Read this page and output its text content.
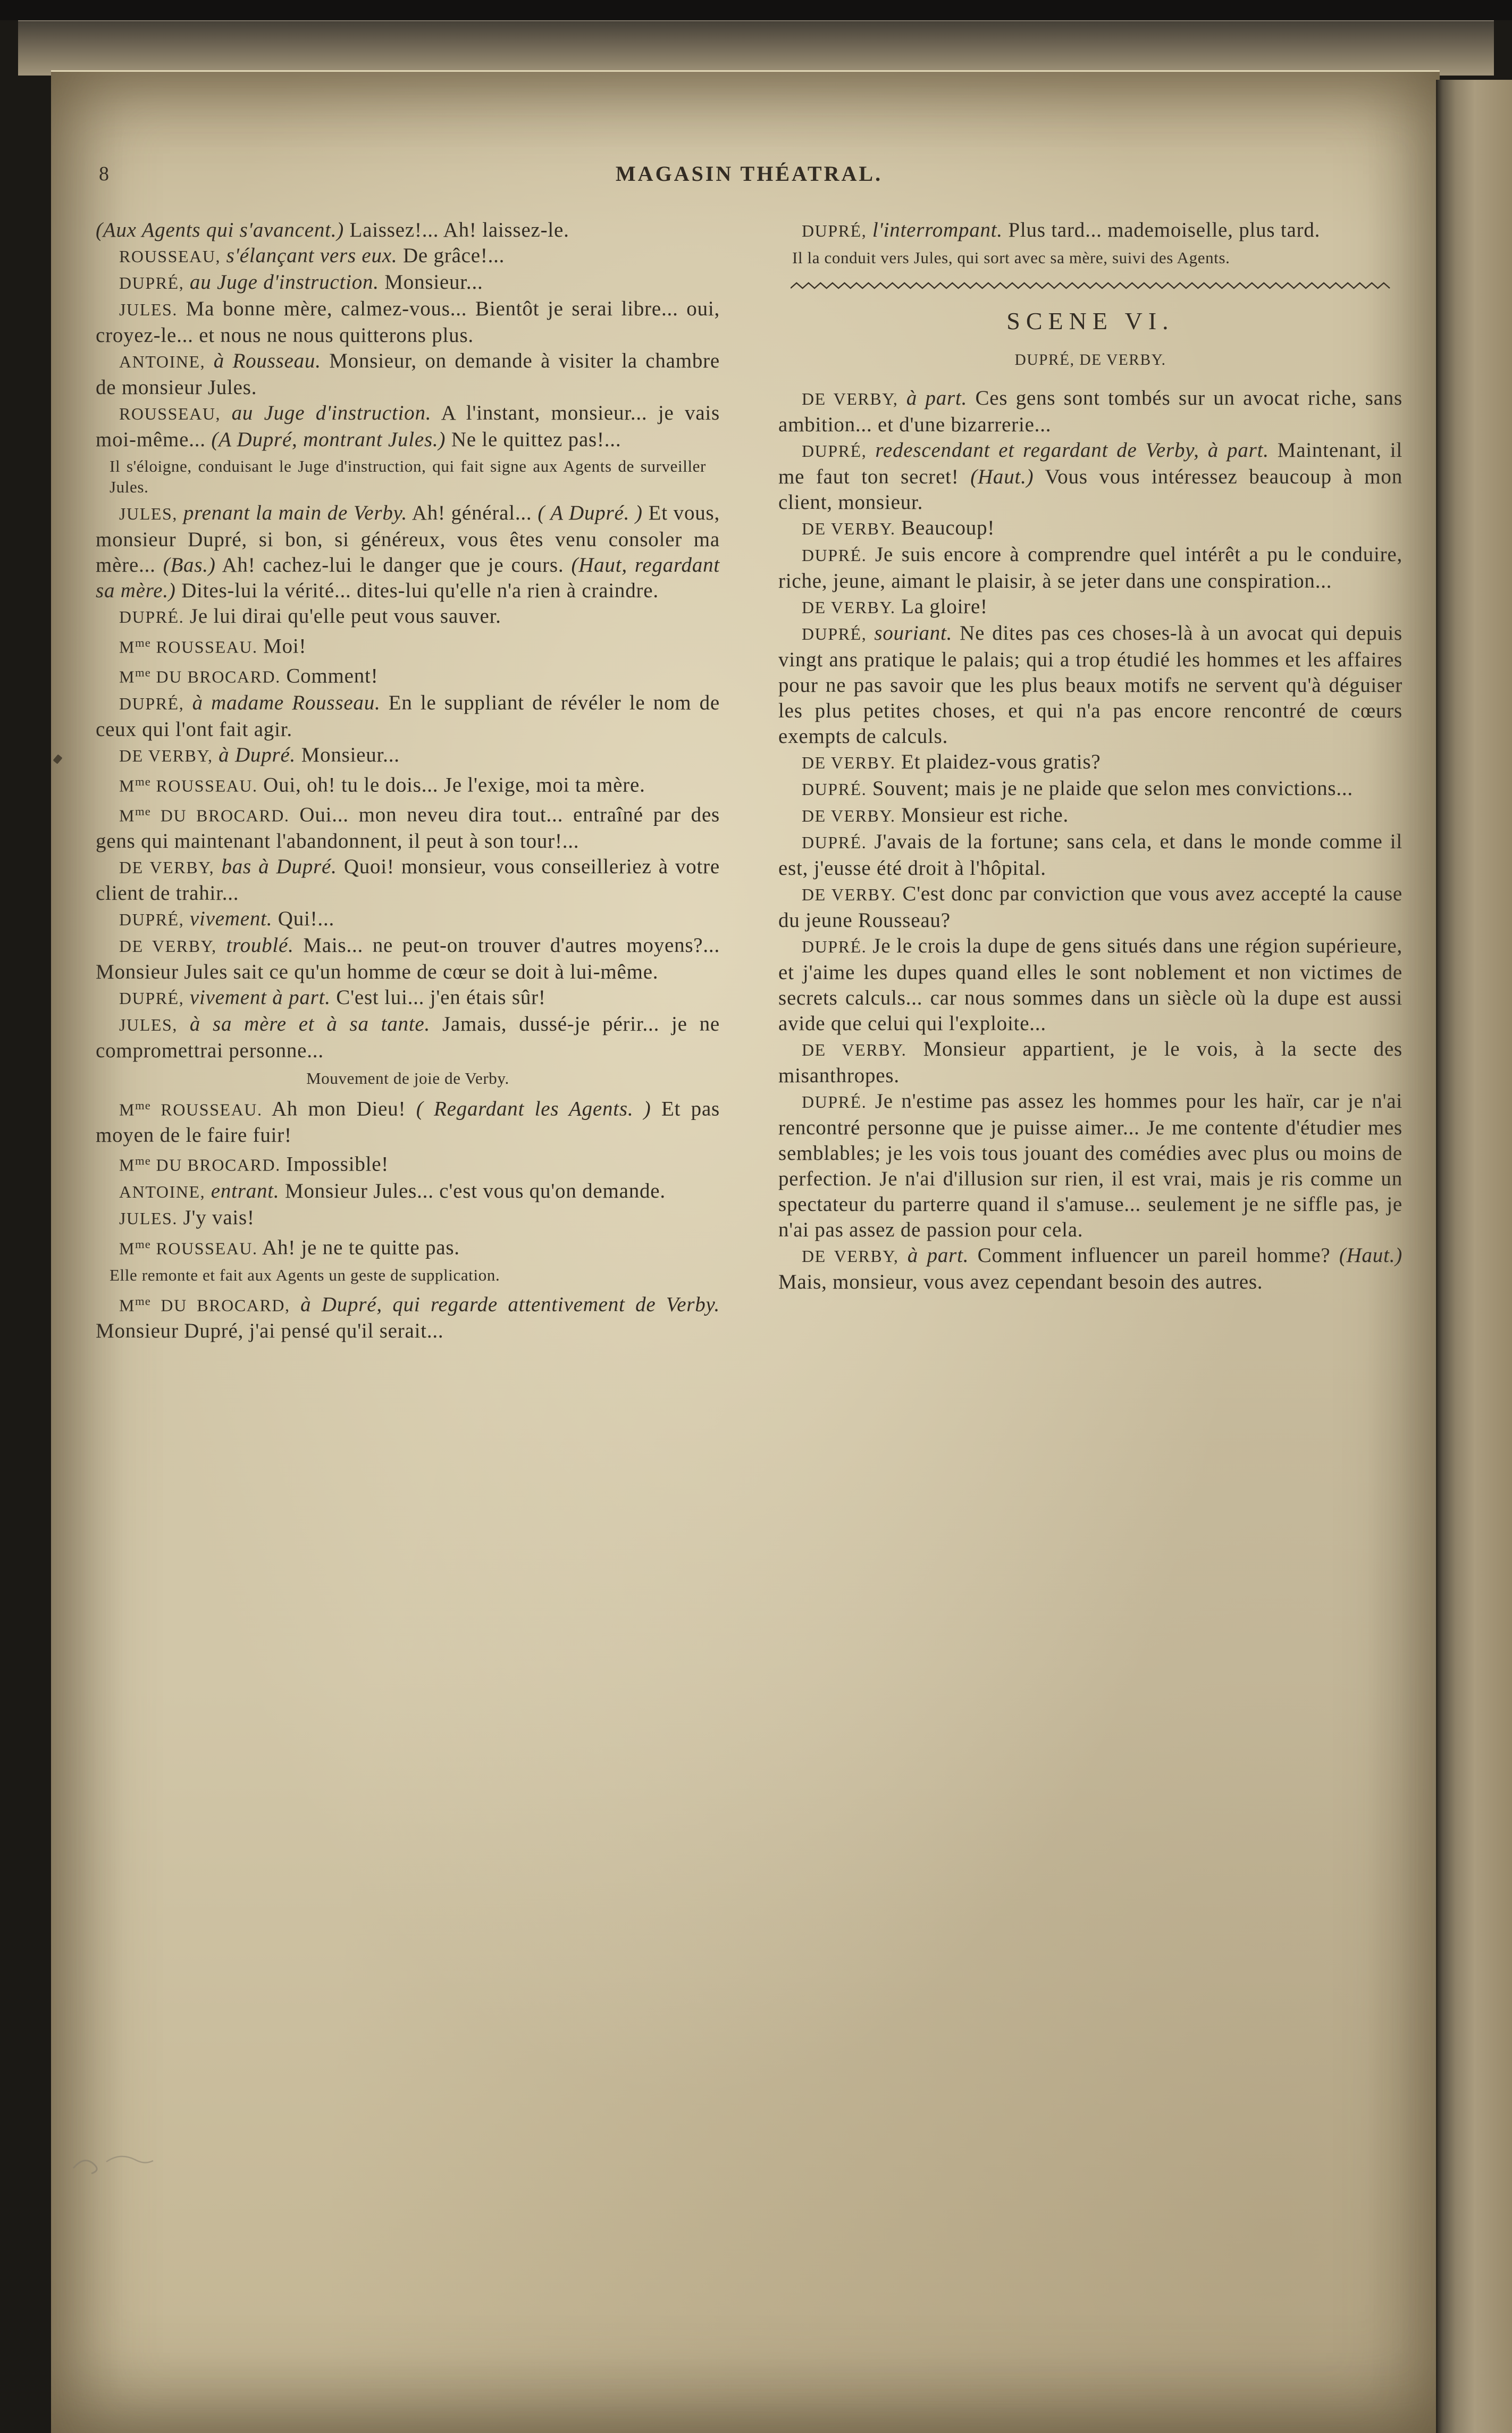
8	MAGASIN THÉATRAL.

(Aux Agents qui s'avancent.) Laissez!... Ah! laissez-le.

ROUSSEAU, s'élançant vers eux. De grâce!...

DUPRÉ, au Juge d'instruction. Monsieur...

JULES. Ma bonne mère, calmez-vous... Bientôt je serai libre... oui, croyez-le... et nous ne nous quitterons plus.

ANTOINE, à Rousseau. Monsieur, on demande à visiter la chambre de monsieur Jules.

ROUSSEAU, au Juge d'instruction. A l'instant, monsieur... je vais moi-même... (A Dupré, montrant Jules.) Ne le quittez pas!...

Il s'éloigne, conduisant le Juge d'instruction, qui fait signe aux Agents de surveiller Jules.

JULES, prenant la main de Verby. Ah! général... ( A Dupré. ) Et vous, monsieur Dupré, si bon, si généreux, vous êtes venu consoler ma mère... (Bas.) Ah! cachez-lui le danger que je cours. (Haut, regardant sa mère.) Dites-lui la vérité... dites-lui qu'elle n'a rien à craindre.

DUPRÉ. Je lui dirai qu'elle peut vous sauver.

$M^{me}$ ROUSSEAU. Moi!

$M^{me}$ DU BROCARD. Comment!

DUPRÉ, à madame Rousseau. En le suppliant de révéler le nom de ceux qui l'ont fait agir.

DE VERBY, à Dupré. Monsieur...

$M^{me}$ ROUSSEAU. Oui, oh! tu le dois... Je l'exige, moi ta mère.

$M^{me}$ DU BROCARD. Oui... mon neveu dira tout... entraîné par des gens qui maintenant l'abandonnent, il peut à son tour!...

DE VERBY, bas à Dupré. Quoi! monsieur, vous conseilleriez à votre client de trahir...

DUPRÉ, vivement. Qui!...

DE VERBY, troublé. Mais... ne peut-on trouver d'autres moyens?... Monsieur Jules sait ce qu'un homme de cœur se doit à lui-même.

DUPRÉ, vivement à part. C'est lui... j'en étais sûr!

JULES, à sa mère et à sa tante. Jamais, dussé-je périr... je ne compromettrai personne...

Mouvement de joie de Verby.

$M^{me}$ ROUSSEAU. Ah mon Dieu! ( Regardant les Agents. ) Et pas moyen de le faire fuir!

$M^{me}$ DU BROCARD. Impossible!

ANTOINE, entrant. Monsieur Jules... c'est vous qu'on demande.

JULES. J'y vais!

$M^{me}$ ROUSSEAU. Ah! je ne te quitte pas.

Elle remonte et fait aux Agents un geste de supplication.

$M^{me}$ DU BROCARD, à Dupré, qui regarde attentivement de Verby. Monsieur Dupré, j'ai pensé qu'il serait...

DUPRÉ, l'interrompant. Plus tard... mademoiselle, plus tard.

Il la conduit vers Jules, qui sort avec sa mère, suivi des Agents.

SCENE VI.

DUPRÉ, DE VERBY.

DE VERBY, à part. Ces gens sont tombés sur un avocat riche, sans ambition... et d'une bizarrerie...

DUPRÉ, redescendant et regardant de Verby, à part. Maintenant, il me faut ton secret! (Haut.) Vous vous intéressez beaucoup à mon client, monsieur.

DE VERBY. Beaucoup!

DUPRÉ. Je suis encore à comprendre quel intérêt a pu le conduire, riche, jeune, aimant le plaisir, à se jeter dans une conspiration...

DE VERBY. La gloire!

DUPRÉ, souriant. Ne dites pas ces choses-là à un avocat qui depuis vingt ans pratique le palais; qui a trop étudié les hommes et les affaires pour ne pas savoir que les plus beaux motifs ne servent qu'à déguiser les plus petites choses, et qui n'a pas encore rencontré de cœurs exempts de calculs.

DE VERBY. Et plaidez-vous gratis?

DUPRÉ. Souvent; mais je ne plaide que selon mes convictions...

DE VERBY. Monsieur est riche.

DUPRÉ. J'avais de la fortune; sans cela, et dans le monde comme il est, j'eusse été droit à l'hôpital.

DE VERBY. C'est donc par conviction que vous avez accepté la cause du jeune Rousseau?

DUPRÉ. Je le crois la dupe de gens situés dans une région supérieure, et j'aime les dupes quand elles le sont noblement et non victimes de secrets calculs... car nous sommes dans un siècle où la dupe est aussi avide que celui qui l'exploite...

DE VERBY. Monsieur appartient, je le vois, à la secte des misanthropes.

DUPRÉ. Je n'estime pas assez les hommes pour les haïr, car je n'ai rencontré personne que je puisse aimer... Je me contente d'étudier mes semblables; je les vois tous jouant des comédies avec plus ou moins de perfection. Je n'ai d'illusion sur rien, il est vrai, mais je ris comme un spectateur du parterre quand il s'amuse... seulement je ne siffle pas, je n'ai pas assez de passion pour cela.

DE VERBY, à part. Comment influencer un pareil homme? (Haut.) Mais, monsieur, vous avez cependant besoin des autres.
